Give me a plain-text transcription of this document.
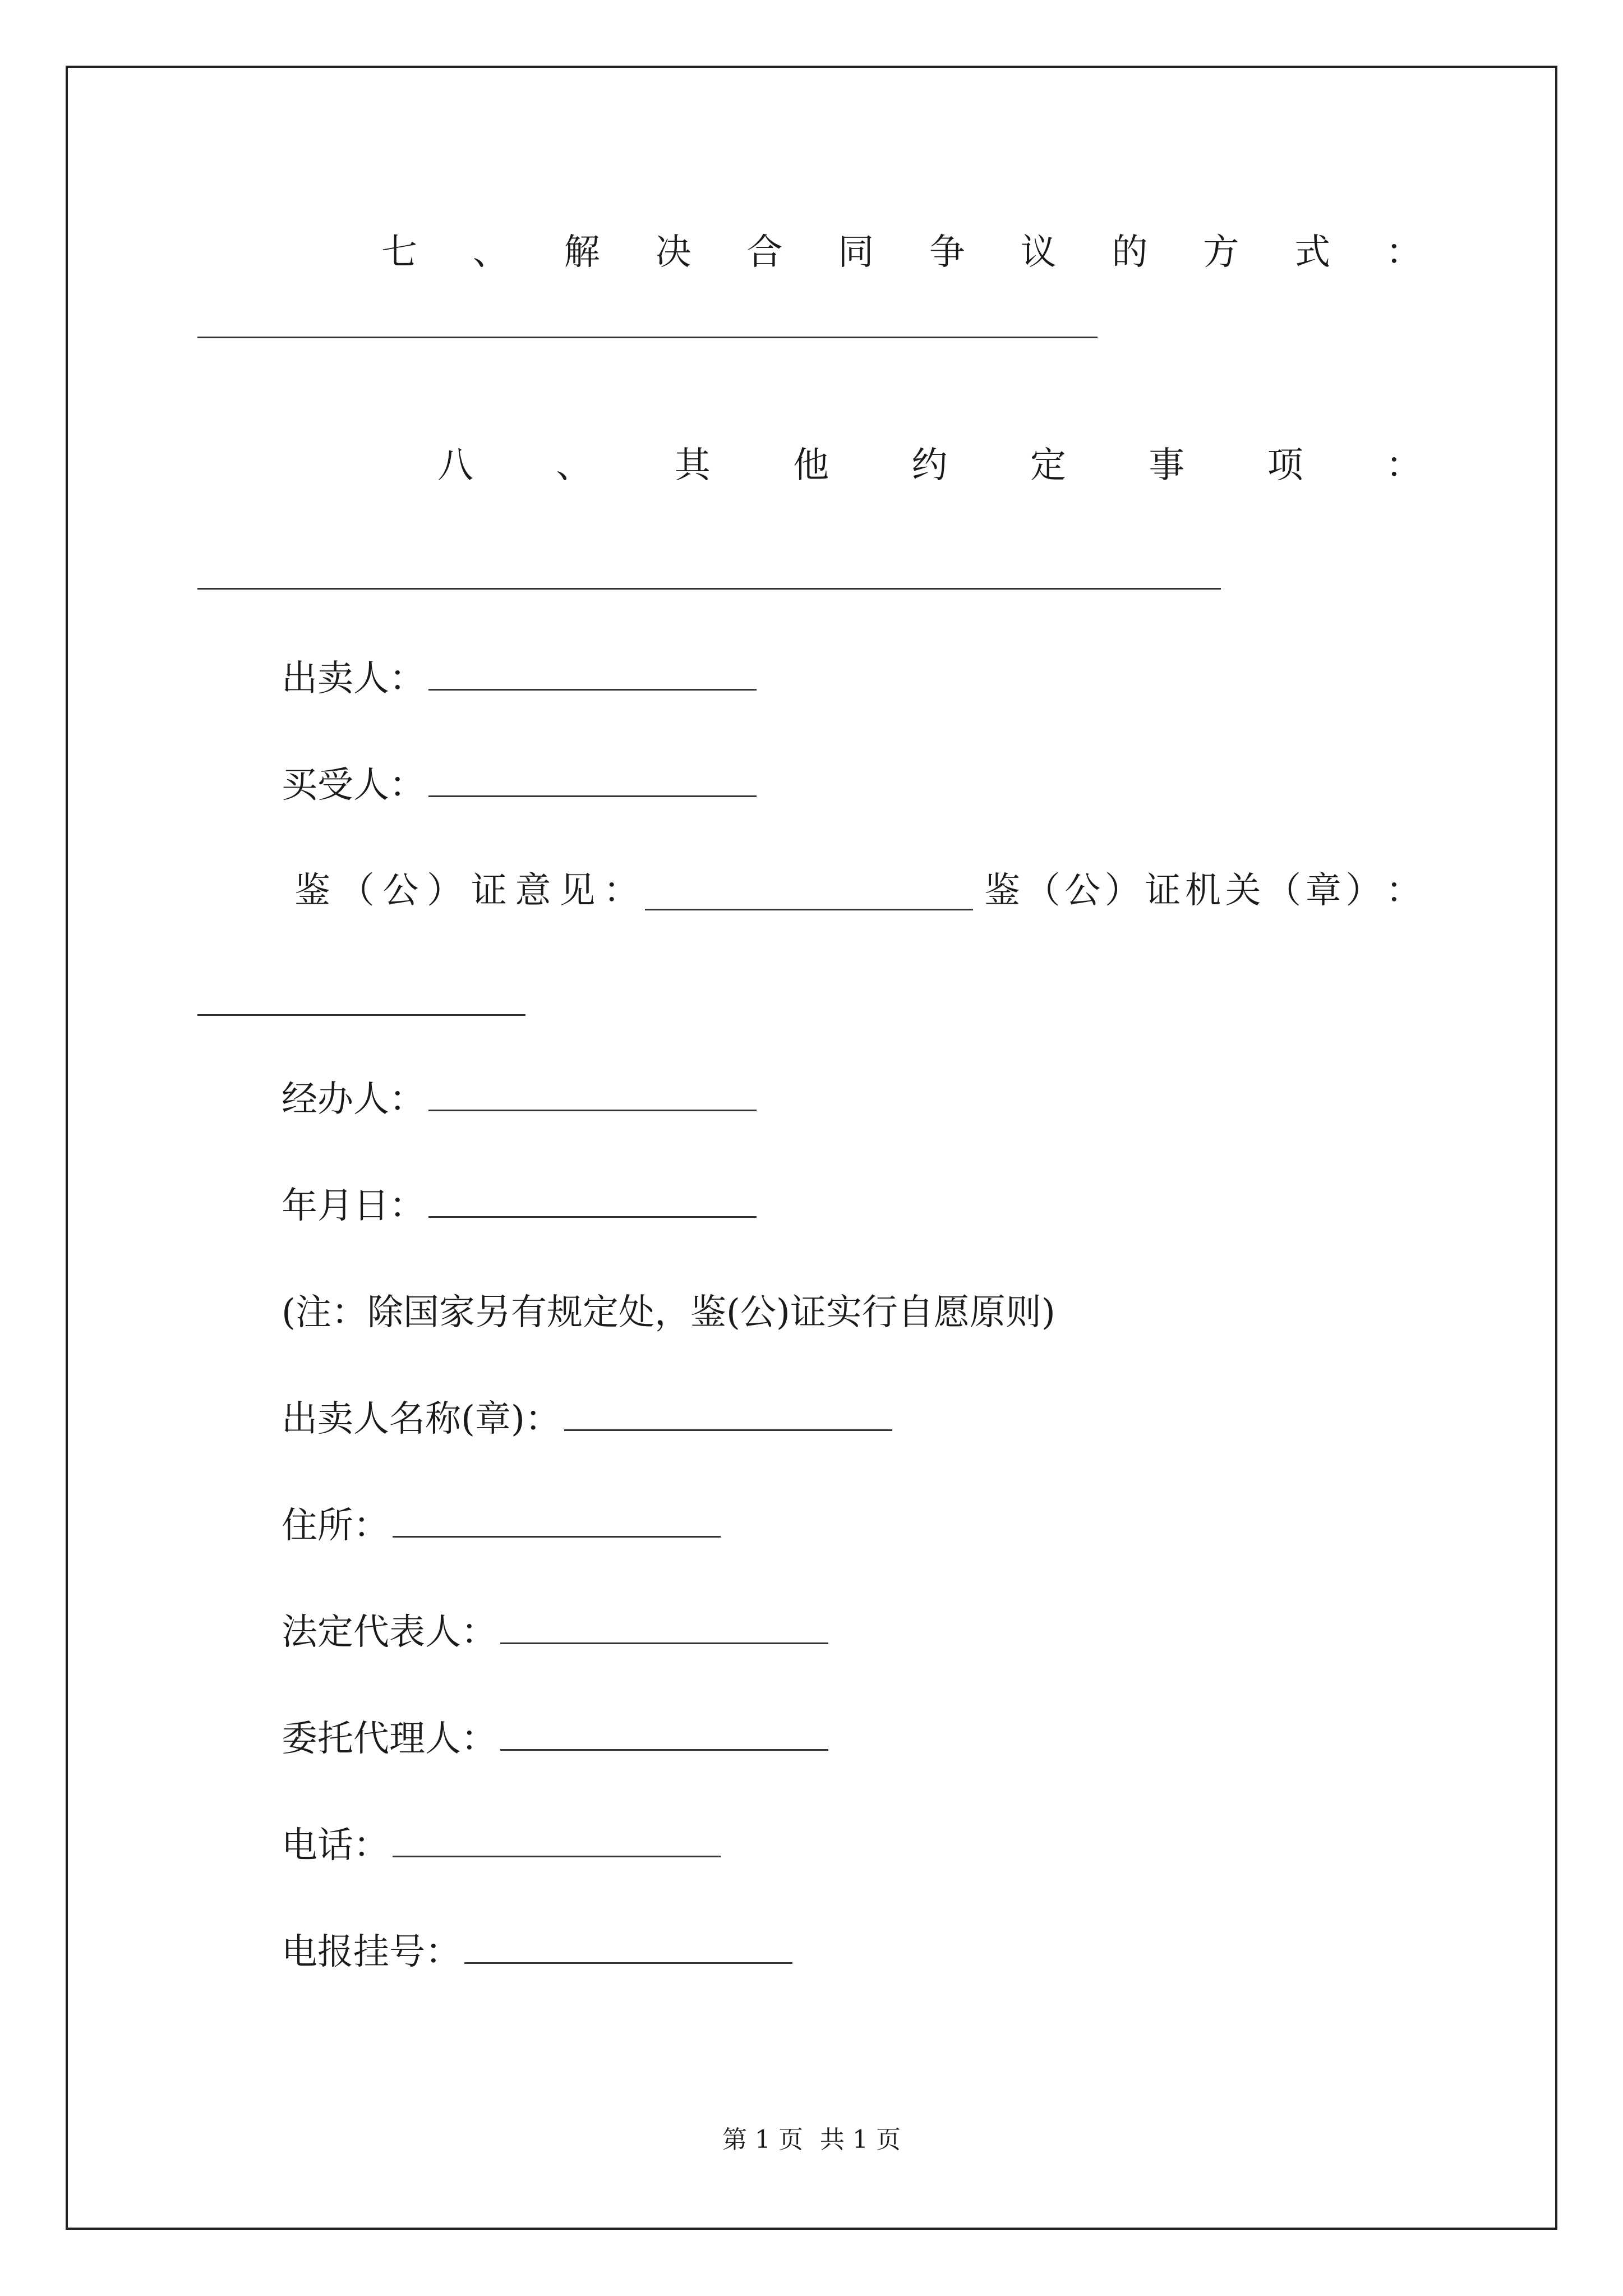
七 、 解 决 合 同 争 议 的 方 式 ：
八 、 其 他 约 定 事 项 ：
出卖人：
买受人：
鉴 （ 公 ） 证 意 见 ：	鉴 （ 公 ） 证 机 关 （ 章 ） ：
经办人：
年月日：
(注：除国家另有规定处，鉴(公)证实行自愿原则)
出卖人名称(章)：
住所：
法定代表人：
委托代理人：
电话：
电报挂号：
第 1 页 共 1 页
